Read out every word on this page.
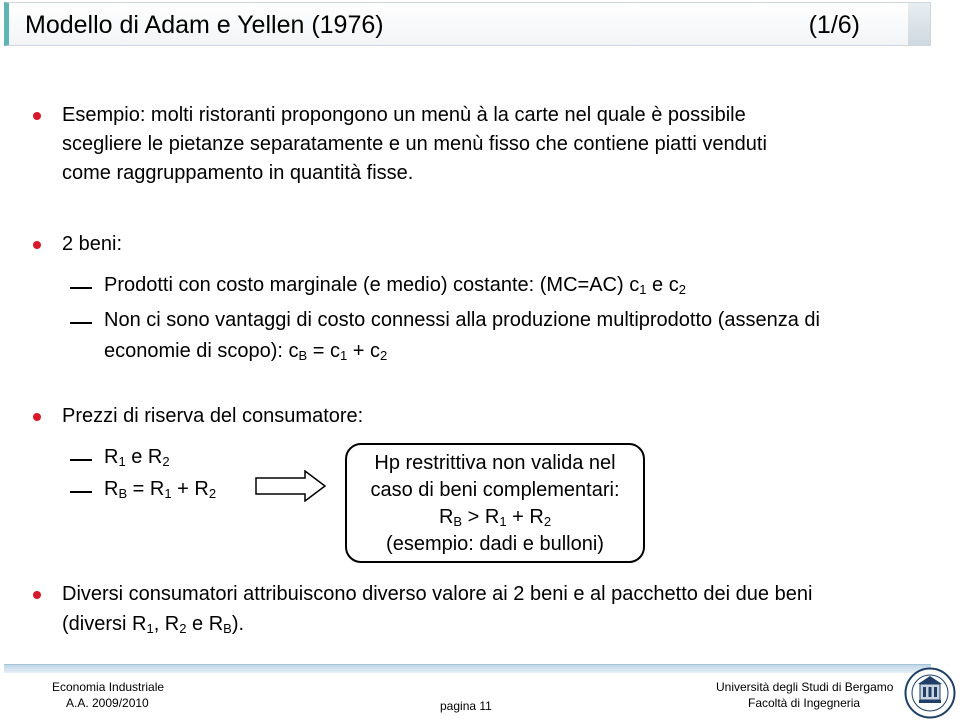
Modello di Adam e Yellen (1976)	(1/6)
Esempio: molti ristoranti propongono un menù à la carte nel quale è possibile
scegliere le pietanze separatamente e un menù fisso che contiene piatti venduti
come raggruppamento in quantità fisse.
2 beni:
Prodotti con costo marginale (e medio) costante: (MC=AC) $c_1$ e $c_2$
Non ci sono vantaggi di costo connessi alla produzione multiprodotto (assenza di
economie di scopo): $c_B = c_1 + c_2$
Prezzi di riserva del consumatore:
$R_1$ e $R_2$
$R_B = R_1 + R_2$
Hp restrittiva non valida nel
caso di beni complementari:
$R_B > R_1 + R_2$
(esempio: dadi e bulloni)
Diversi consumatori attribuiscono diverso valore ai 2 beni e al pacchetto dei due beni
(diversi $R_1$, $R_2$ e $R_B$).
Economia Industriale
A.A. 2009/2010	pagina 11
Università degli Studi di Bergamo
Facoltà di Ingegneria
